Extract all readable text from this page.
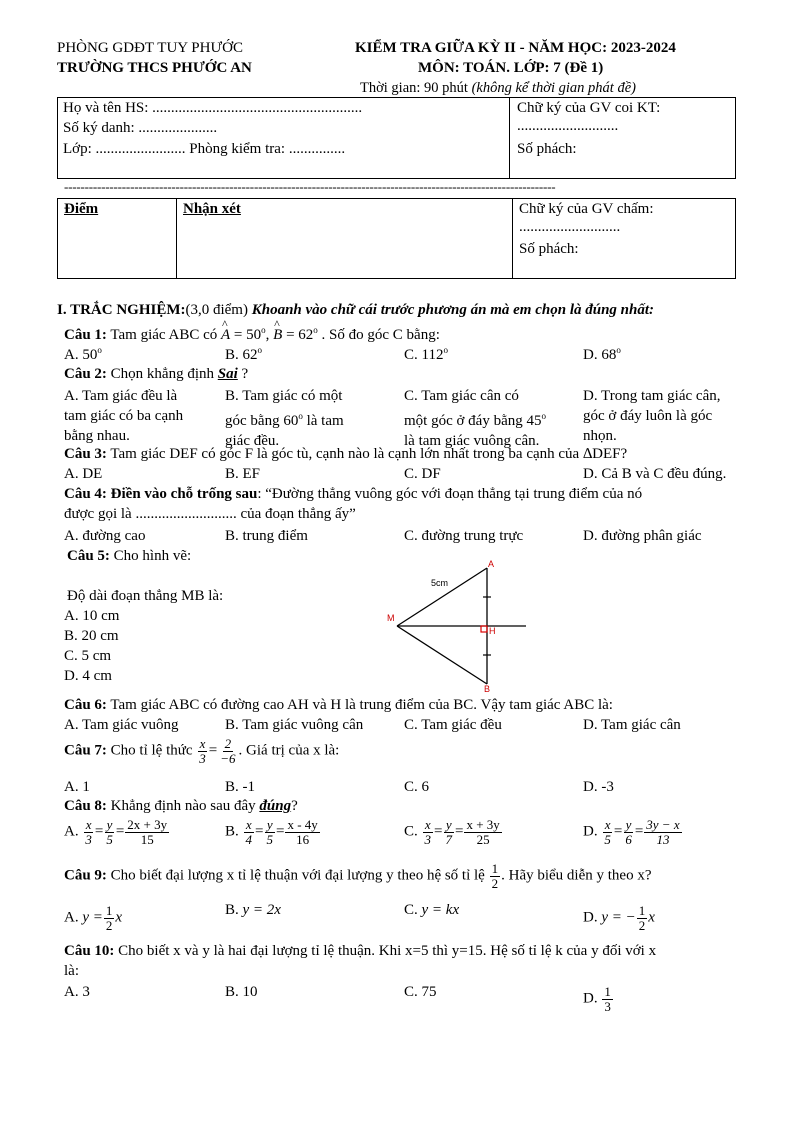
PHÒNG GDĐT TUY PHƯỚC
TRƯỜNG THCS PHƯỚC AN
KIỂM TRA GIỮA KỲ II - NĂM HỌC: 2023-2024
MÔN: TOÁN. LỚP: 7 (Đề 1)
Thời gian: 90 phút (không kể thời gian phát đề)
Họ và tên HS: ........................................................
Số ký danh: .....................
Lớp: ........................ Phòng kiểm tra: ...............
Chữ ký của GV coi KT:
...........................
Số phách:
-----------------------------------------------------------------------------------------------------------------------
Điểm	Nhận xét	Chữ ký của GV chấm:
...........................
Số phách:
I. TRẮC NGHIỆM:(3,0 điểm) Khoanh vào chữ cái trước phương án mà em chọn là đúng nhất:
Câu 1: Tam giác ABC có ^ $A = 50^o$, ^ $B = 62^o$ . Số đo góc C bằng:
A. 50$^o$	B. 62$^o$	C. 112$^o$	D. 68$^o$
Câu 2: Chọn khẳng định Sai ?
A. Tam giác đều là
tam giác có ba cạnh
bằng nhau.
B. Tam giác có một
góc bằng 60$^o$ là tam
giác đều.
C. Tam giác cân có
một góc ở đáy bằng 45$^o$
là tam giác vuông cân.
D. Trong tam giác cân,
góc ở đáy luôn là góc
nhọn.
Câu 3: Tam giác DEF có góc F là góc tù, cạnh nào là cạnh lớn nhất trong ba cạnh của ∆DEF?
A. DE	B. EF	C. DF	D. Cả B và C đều đúng.
Câu 4: Điền vào chỗ trống sau: “Đường thẳng vuông góc với đoạn thẳng tại trung điểm của nó
được gọi là ........................... của đoạn thẳng ấy”
A. đường cao	B. trung điểm	C. đường trung trực	D. đường phân giác
Câu 5: Cho hình vẽ:
Độ dài đoạn thẳng MB là:
A. 10 cm
B. 20 cm
C. 5 cm
D. 4 cm
A
B
M
H
5cm
Câu 6: Tam giác ABC có đường cao AH và H là trung điểm của BC. Vậy tam giác ABC là:
A. Tam giác vuông	B. Tam giác vuông cân	C. Tam giác đều	D. Tam giác cân
Câu 7: Cho tỉ lệ thức $\frac{x}{3} = \frac{2}{-6}$ . Giá trị của x là:
A. 1	B. -1	C. 6	D. -3
Câu 8: Khẳng định nào sau đây đúng?
A. $\frac{x}{3} = \frac{y}{5} = \frac{2x + 3y}{15}$	B. $\frac{x}{4} = \frac{y}{5} = \frac{x - 4y}{16}$	C. $\frac{x}{3} = \frac{y}{7} = \frac{x + 3y}{25}$	D. $\frac{x}{5} = \frac{y}{6} = \frac{3y - x}{13}$
Câu 9: Cho biết đại lượng x tỉ lệ thuận với đại lượng y theo hệ số tỉ lệ $\frac{1}{2}$ . Hãy biểu diễn y theo x?
A. $y = \frac{1}{2}$ x	B. y = 2x	C. y = kx	D. y = − $\frac{1}{2}$ x
Câu 10: Cho biết x và y là hai đại lượng tỉ lệ thuận. Khi x=5 thì y=15. Hệ số tỉ lệ k của y đối với x
là:
A. 3	B. 10	C. 75	D. $\frac{1}{3}$
